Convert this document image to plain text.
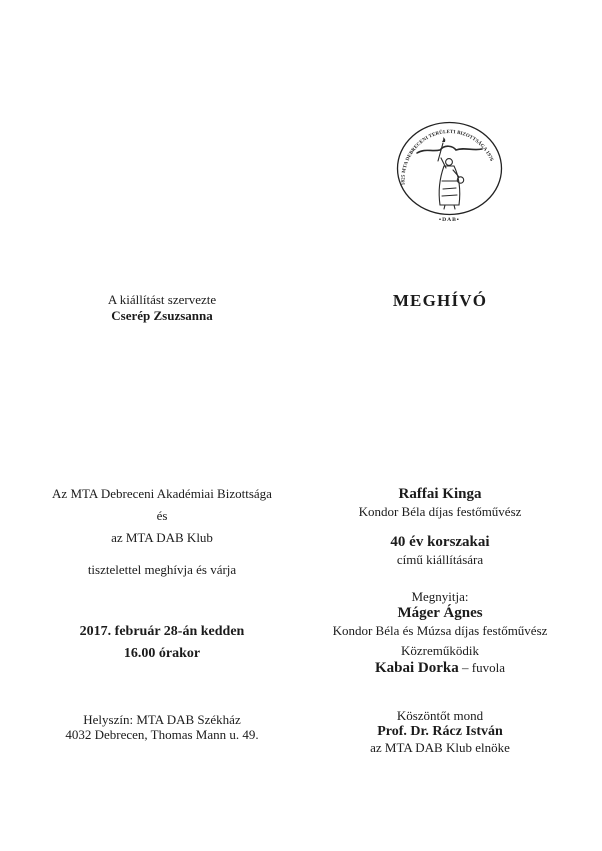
1825 MTA DEBRECENI TERÜLETI BIZOTTSÁGA 1976
▪DAB▪
MEGHÍVÓ
A kiállítást szervezte
Cserép Zsuzsanna
Az MTA Debreceni Akadémiai Bizottsága
és
az MTA DAB Klub
tisztelettel meghívja és várja
2017. február 28-án kedden
16.00 órakor
Helyszín: MTA DAB Székház
4032 Debrecen, Thomas Mann u. 49.
Raffai Kinga
Kondor Béla díjas festőművész
40 év korszakai
című kiállítására
Megnyitja:
Máger Ágnes
Kondor Béla és Múzsa díjas festőművész
Közreműködik
Kabai Dorka – fuvola
Köszöntőt mond
Prof. Dr. Rácz István
az MTA DAB Klub elnöke
